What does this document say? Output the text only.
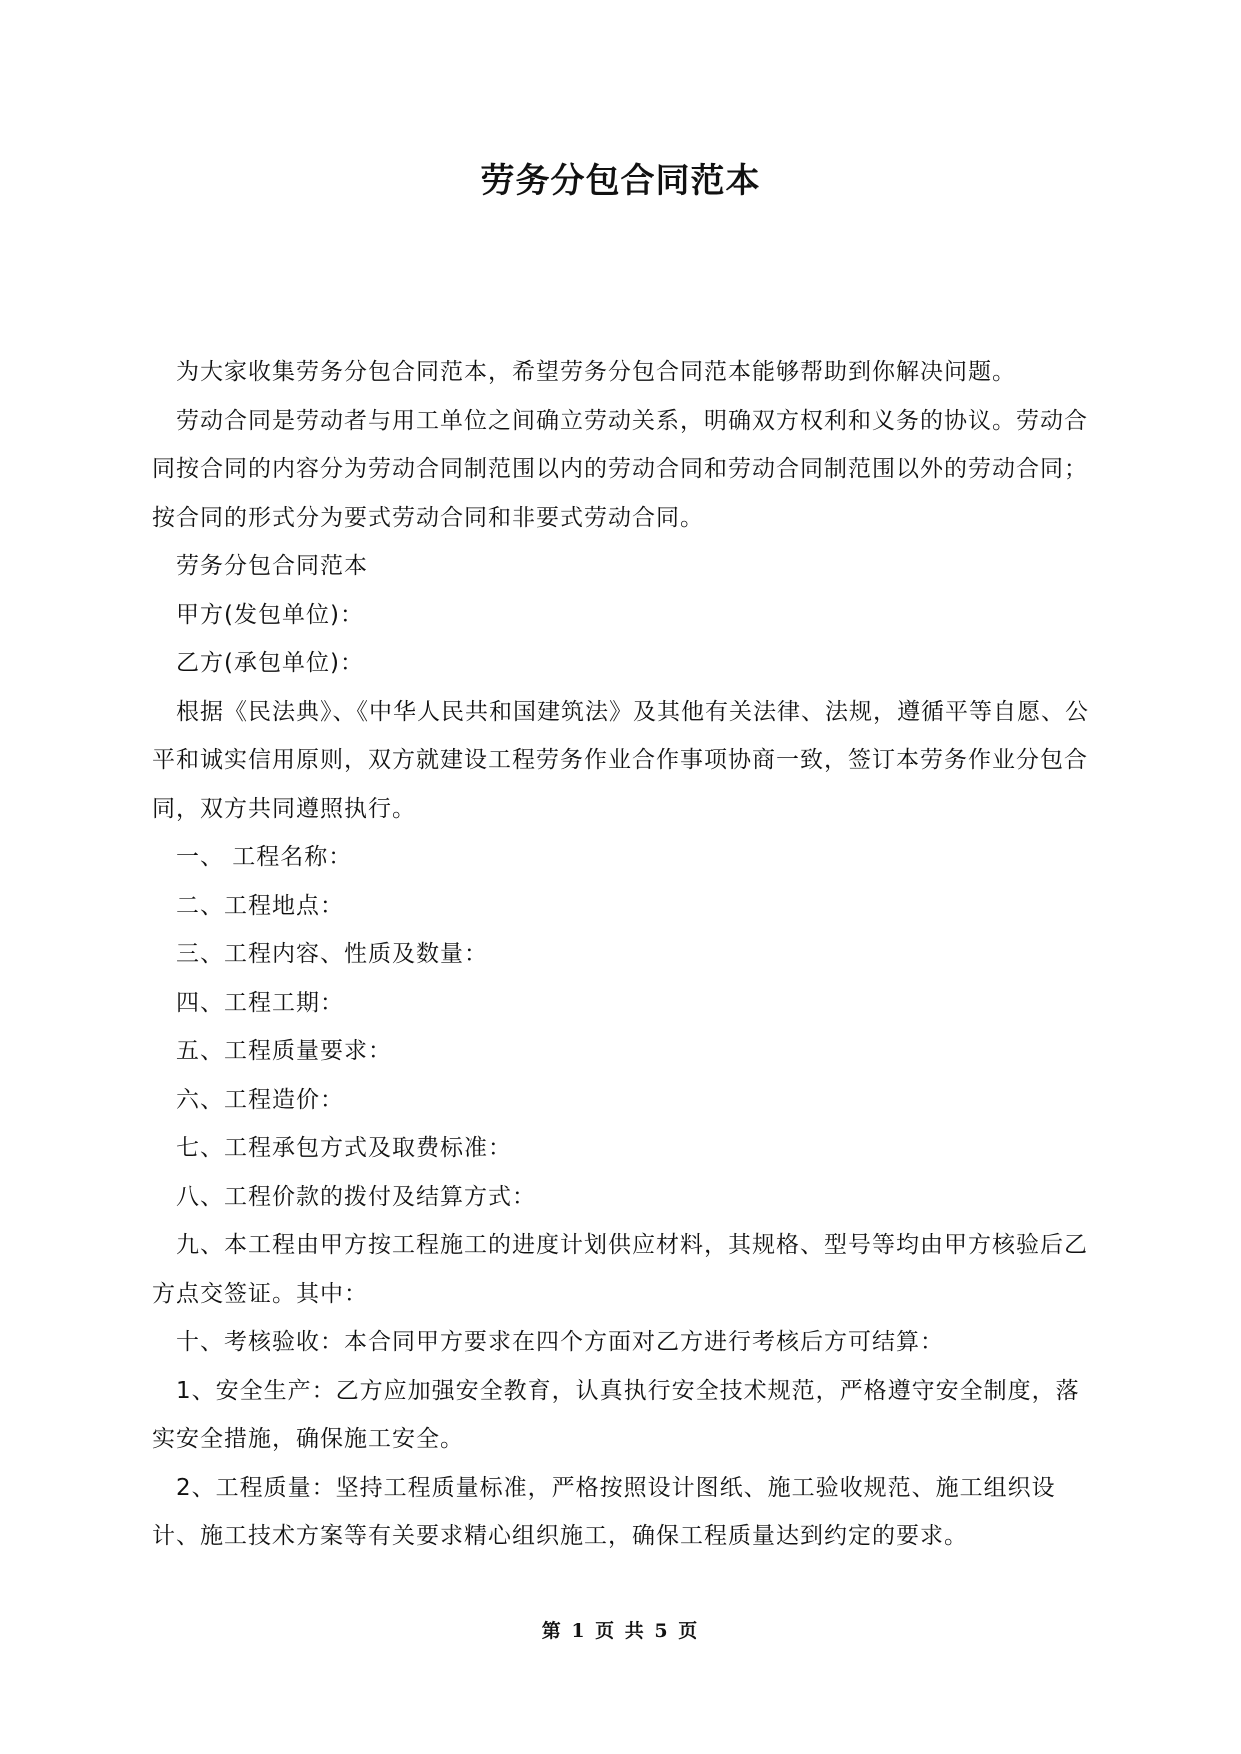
劳务分包合同范本

为大家收集劳务分包合同范本，希望劳务分包合同范本能够帮助到你解决问题。

劳动合同是劳动者与用工单位之间确立劳动关系，明确双方权利和义务的协议。劳动合同按合同的内容分为劳动合同制范围以内的劳动合同和劳动合同制范围以外的劳动合同；按合同的形式分为要式劳动合同和非要式劳动合同。

劳务分包合同范本

甲方(发包单位)：

乙方(承包单位)：

根据《民法典》、《中华人民共和国建筑法》及其他有关法律、法规，遵循平等自愿、公平和诚实信用原则，双方就建设工程劳务作业合作事项协商一致，签订本劳务作业分包合同，双方共同遵照执行。

一、 工程名称：

二、工程地点：

三、工程内容、性质及数量：

四、工程工期：

五、工程质量要求：

六、工程造价：

七、工程承包方式及取费标准：

八、工程价款的拨付及结算方式：

九、本工程由甲方按工程施工的进度计划供应材料，其规格、型号等均由甲方核验后乙方点交签证。其中：

十、考核验收：本合同甲方要求在四个方面对乙方进行考核后方可结算：

1、安全生产：乙方应加强安全教育，认真执行安全技术规范，严格遵守安全制度，落实安全措施，确保施工安全。

2、工程质量：坚持工程质量标准，严格按照设计图纸、施工验收规范、施工组织设计、施工技术方案等有关要求精心组织施工，确保工程质量达到约定的要求。

第 1 页 共 5 页
